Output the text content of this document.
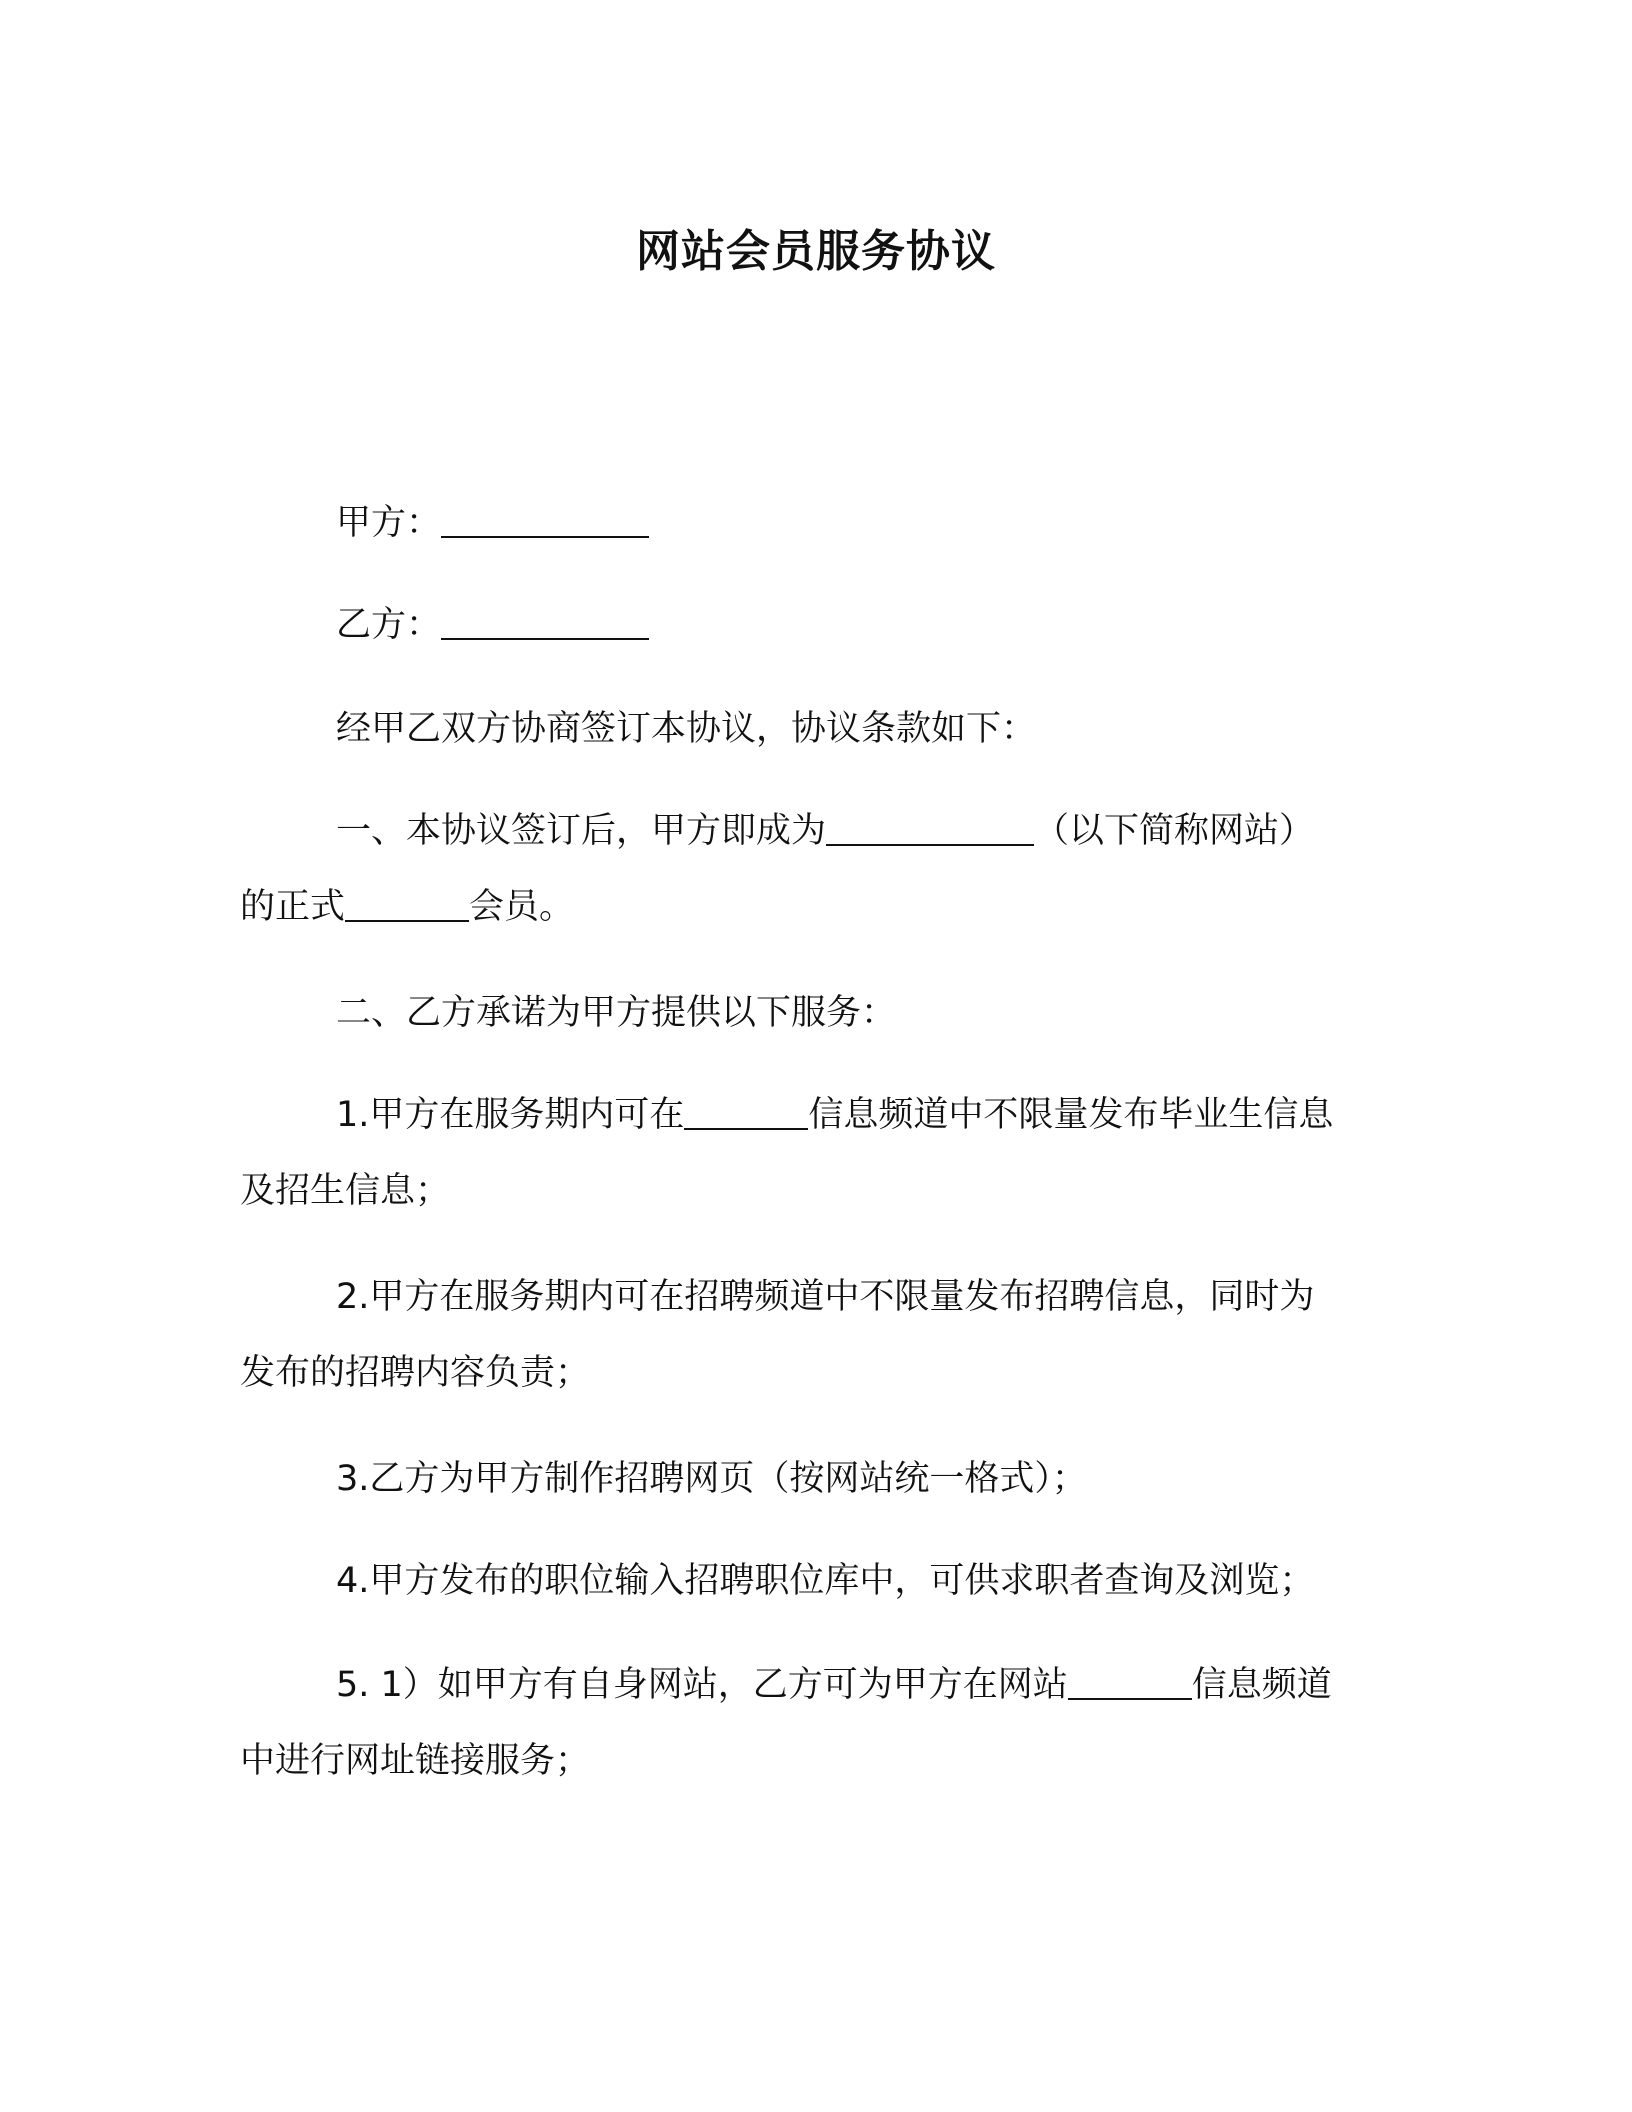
网站会员服务协议
甲方：
乙方：
经甲乙双方协商签订本协议，协议条款如下：
一、本协议签订后，甲方即成为	（以下简称网站）
的正式	会员。
二、乙方承诺为甲方提供以下服务：
1.甲方在服务期内可在	信息频道中不限量发布毕业生信息
及招生信息；
2.甲方在服务期内可在招聘频道中不限量发布招聘信息，同时为
发布的招聘内容负责；
3.乙方为甲方制作招聘网页（按网站统一格式）；
4.甲方发布的职位输入招聘职位库中，可供求职者查询及浏览；
5. 1）如甲方有自身网站，乙方可为甲方在网站	信息频道
中进行网址链接服务；
